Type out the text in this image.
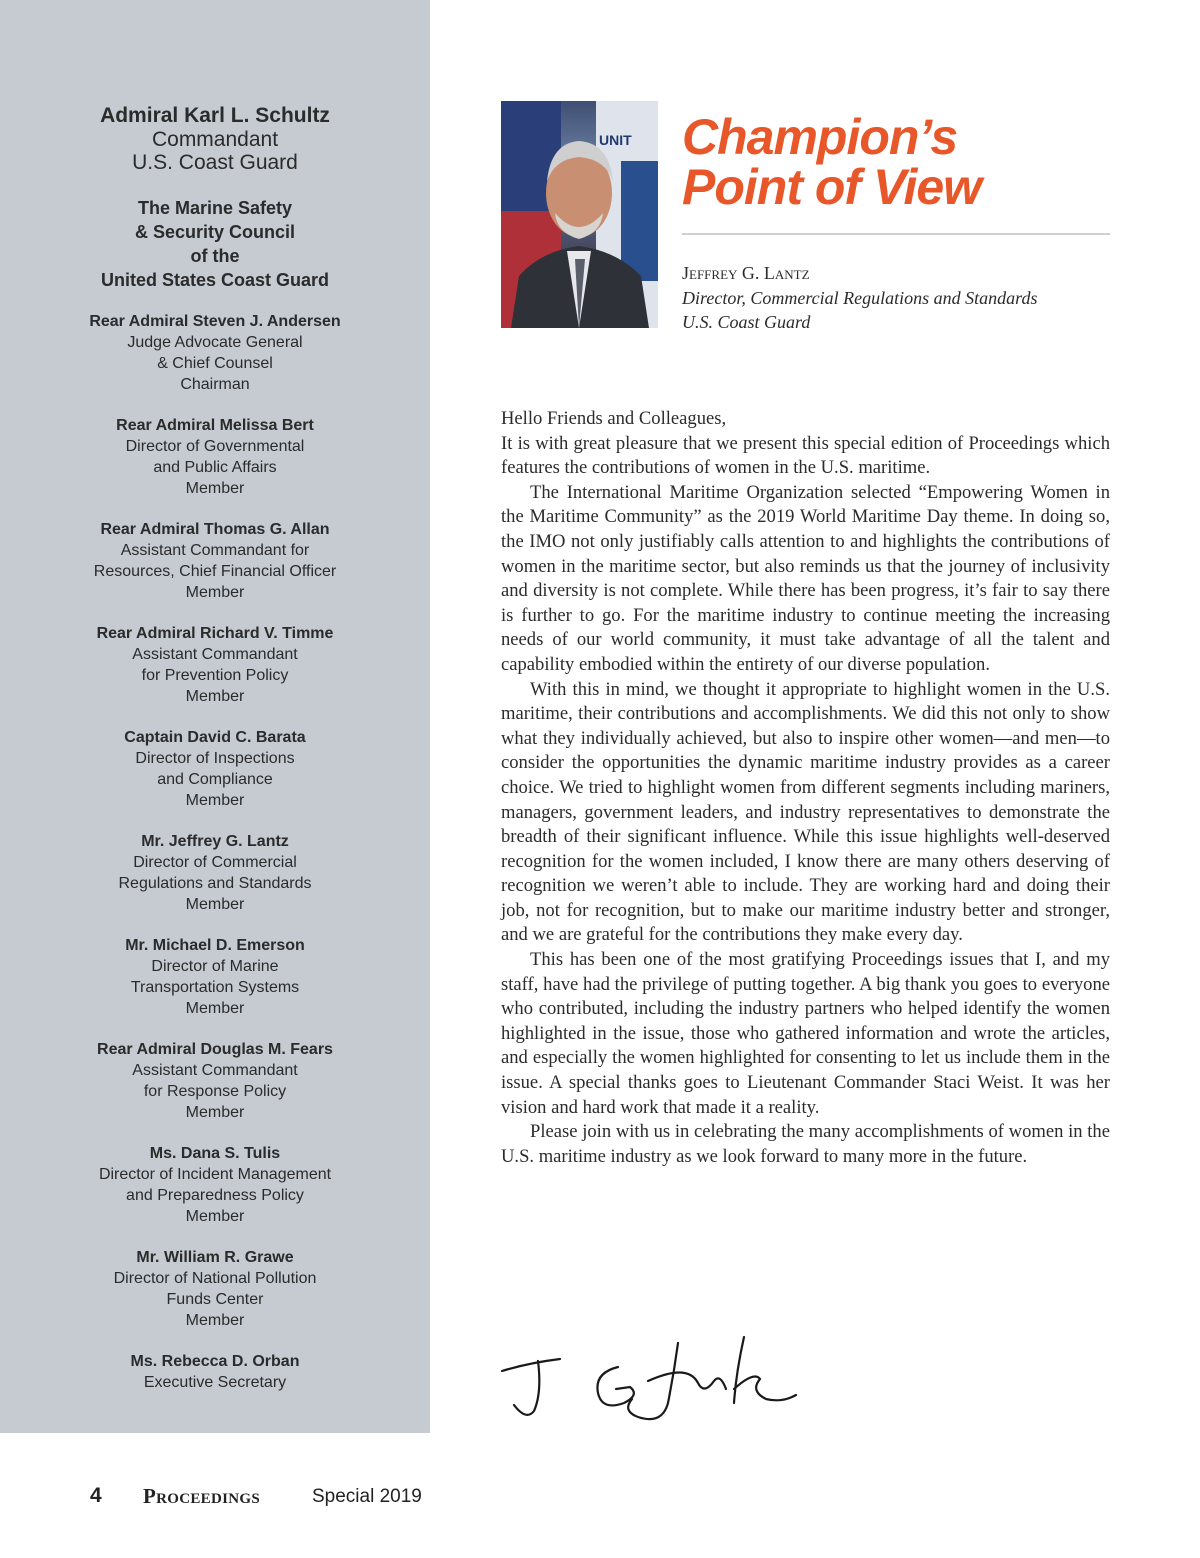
Admiral Karl L. Schultz
Commandant
U.S. Coast Guard
The Marine Safety
& Security Council
of the
United States Coast Guard
Rear Admiral Steven J. Andersen
Judge Advocate General
& Chief Counsel
Chairman
Rear Admiral Melissa Bert
Director of Governmental
and Public Affairs
Member
Rear Admiral Thomas G. Allan
Assistant Commandant for
Resources, Chief Financial Officer
Member
Rear Admiral Richard V. Timme
Assistant Commandant
for Prevention Policy
Member
Captain David C. Barata
Director of Inspections
and Compliance
Member
Mr. Jeffrey G. Lantz
Director of Commercial
Regulations and Standards
Member
Mr. Michael D. Emerson
Director of Marine
Transportation Systems
Member
Rear Admiral Douglas M. Fears
Assistant Commandant
for Response Policy
Member
Ms. Dana S. Tulis
Director of Incident Management
and Preparedness Policy
Member
Mr. William R. Grawe
Director of National Pollution
Funds Center
Member
Ms. Rebecca D. Orban
Executive Secretary
UNIT Champion’s
Point of View
Jeffrey G. Lantz
Director, Commercial Regulations and Standards
U.S. Coast Guard

Hello Friends and Colleagues,

It is with great pleasure that we present this special edition of Proceedings which features the contributions of women in the U.S. maritime.

The International Maritime Organization selected “Empowering Women in the Maritime Community” as the 2019 World Maritime Day theme. In doing so, the IMO not only justifiably calls attention to and highlights the contributions of women in the maritime sector, but also reminds us that the journey of inclusivity and diversity is not complete. While there has been progress, it’s fair to say there is further to go. For the maritime industry to continue meeting the increasing needs of our world community, it must take advantage of all the talent and capability embodied within the entirety of our diverse population.

With this in mind, we thought it appropriate to highlight women in the U.S. maritime, their contributions and accomplishments. We did this not only to show what they individually achieved, but also to inspire other women—and men—to consider the opportunities the dynamic maritime industry provides as a career choice. We tried to highlight women from different segments including mariners, managers, government leaders, and industry representatives to demonstrate the breadth of their significant influence. While this issue highlights well-deserved recognition for the women included, I know there are many others deserving of recognition we weren’t able to include. They are working hard and doing their job, not for recognition, but to make our maritime industry better and stronger, and we are grateful for the contributions they make every day.

This has been one of the most gratifying Proceedings issues that I, and my staff, have had the privilege of putting together. A big thank you goes to everyone who contributed, including the industry partners who helped identify the women highlighted in the issue, those who gathered information and wrote the articles, and especially the women highlighted for consenting to let us include them in the issue. A special thanks goes to Lieutenant Commander Staci Weist. It was her vision and hard work that made it a reality.

Please join with us in celebrating the many accomplishments of women in the U.S. maritime industry as we look forward to many more in the future.

4 Proceedings	Special 2019
